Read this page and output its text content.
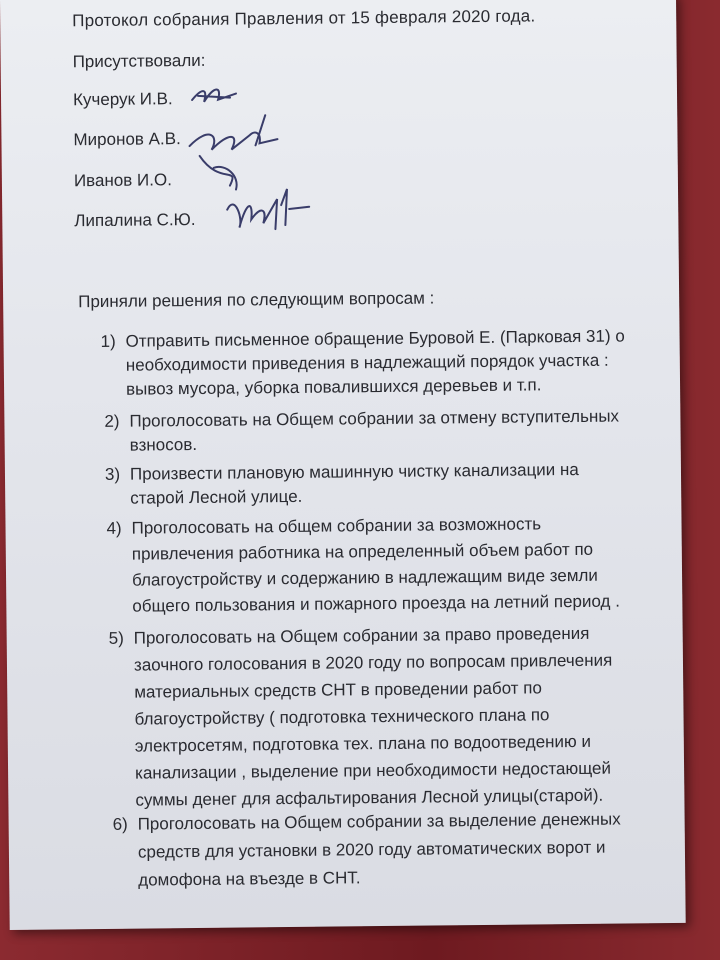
Протокол собрания Правления от 15 февраля 2020 года.
Присутствовали:
Кучерук И.В.
Миронов А.В.
Иванов И.О.
Липалина С.Ю.
Приняли решения по следующим вопросам :
1) Отправить письменное обращение Буровой Е. (Парковая 31) о
необходимости приведения в надлежащий порядок участка :
вывоз мусора, уборка повалившихся деревьев и т.п.
2) Проголосовать на Общем собрании за отмену вступительных
взносов.
3) Произвести плановую машинную чистку канализации на
старой Лесной улице.
4) Проголосовать на общем собрании за возможность
привлечения работника на определенный объем работ по
благоустройству и содержанию в надлежащим виде земли
общего пользования и пожарного проезда на летний период .
5) Проголосовать на Общем собрании за право проведения
заочного голосования в 2020 году по вопросам привлечения
материальных средств СНТ в проведении работ по
благоустройству ( подготовка технического плана по
электросетям, подготовка тех. плана по водоотведению и
канализации , выделение при необходимости недостающей
суммы денег для асфальтирования Лесной улицы(старой).
6) Проголосовать на Общем собрании за выделение денежных
средств для установки в 2020 году автоматических ворот и
домофона на въезде в СНТ.
